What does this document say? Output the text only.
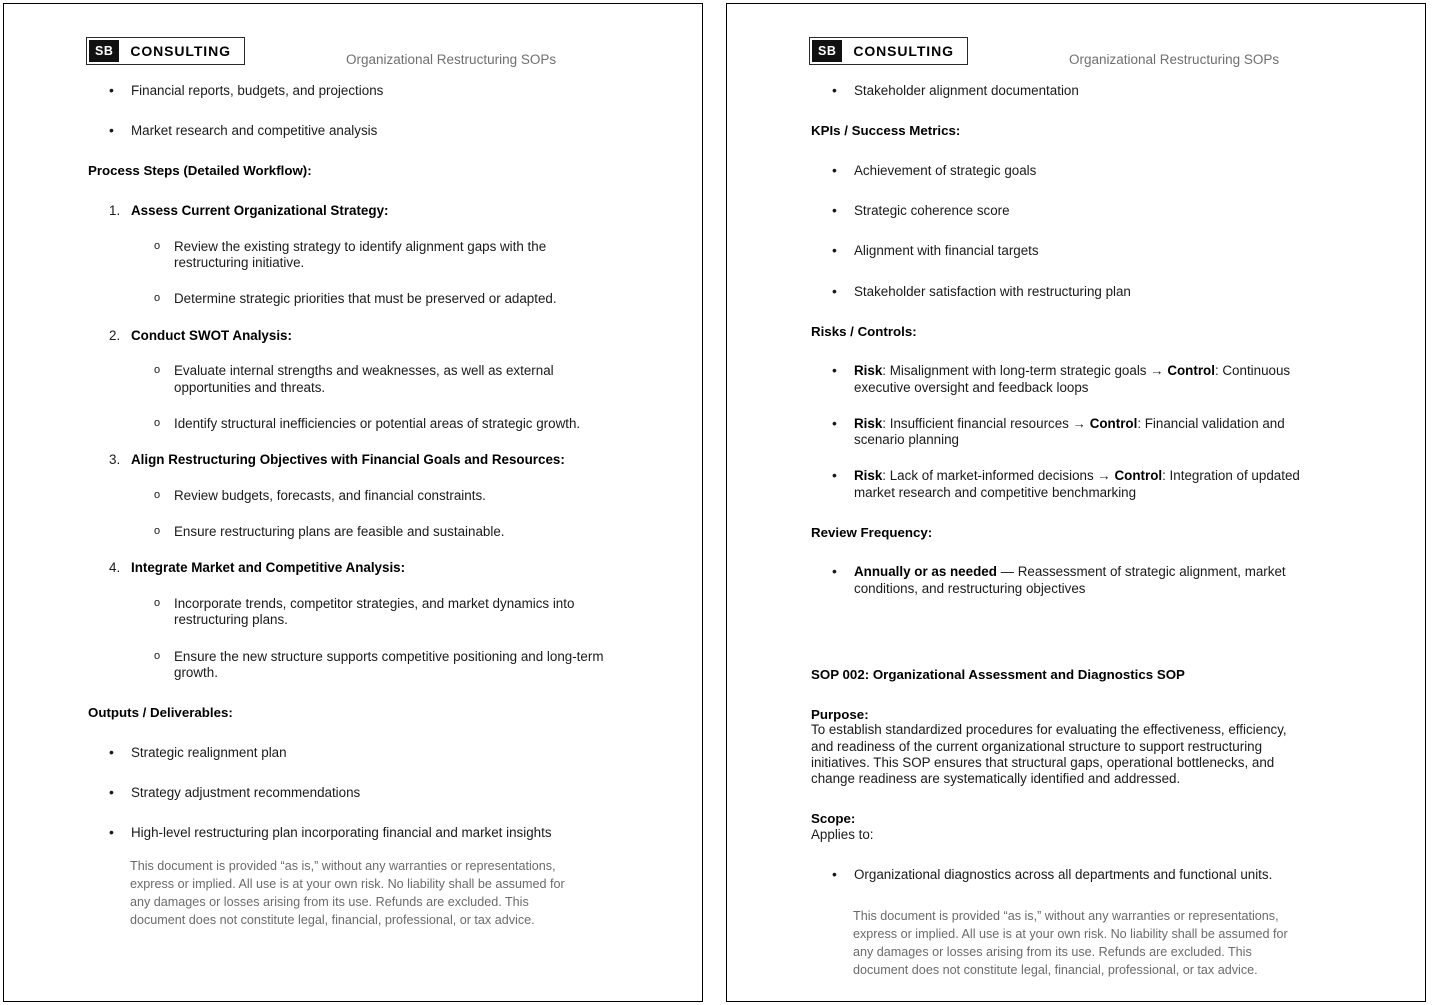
SB	CONSULTING
Organizational Restructuring SOPs
• Financial reports, budgets, and projections
• Market research and competitive analysis
Process Steps (Detailed Workflow):
1. Assess Current Organizational Strategy:
o Review the existing strategy to identify alignment gaps with the restructuring initiative.
o Determine strategic priorities that must be preserved or adapted.
2. Conduct SWOT Analysis:
o Evaluate internal strengths and weaknesses, as well as external opportunities and threats.
o Identify structural inefficiencies or potential areas of strategic growth.
3. Align Restructuring Objectives with Financial Goals and Resources:
o Review budgets, forecasts, and financial constraints.
o Ensure restructuring plans are feasible and sustainable.
4. Integrate Market and Competitive Analysis:
o Incorporate trends, competitor strategies, and market dynamics into restructuring plans.
o Ensure the new structure supports competitive positioning and long-term growth.
Outputs / Deliverables:
• Strategic realignment plan
• Strategy adjustment recommendations
• High-level restructuring plan incorporating financial and market insights
This document is provided “as is,” without any warranties or representations, express or implied. All use is at your own risk. No liability shall be assumed for any damages or losses arising from its use. Refunds are excluded. This document does not constitute legal, financial, professional, or tax advice.
SB	CONSULTING
Organizational Restructuring SOPs
• Stakeholder alignment documentation
KPIs / Success Metrics:
• Achievement of strategic goals
• Strategic coherence score
• Alignment with financial targets
• Stakeholder satisfaction with restructuring plan
Risks / Controls:
• Risk: Misalignment with long-term strategic goals → Control: Continuous executive oversight and feedback loops
• Risk: Insufficient financial resources → Control: Financial validation and scenario planning
• Risk: Lack of market-informed decisions → Control: Integration of updated market research and competitive benchmarking
Review Frequency:
• Annually or as needed — Reassessment of strategic alignment, market conditions, and restructuring objectives
SOP 002: Organizational Assessment and Diagnostics SOP
Purpose:
To establish standardized procedures for evaluating the effectiveness, efficiency, and readiness of the current organizational structure to support restructuring initiatives. This SOP ensures that structural gaps, operational bottlenecks, and change readiness are systematically identified and addressed.
Scope:
Applies to:
• Organizational diagnostics across all departments and functional units.
This document is provided “as is,” without any warranties or representations, express or implied. All use is at your own risk. No liability shall be assumed for any damages or losses arising from its use. Refunds are excluded. This document does not constitute legal, financial, professional, or tax advice.
